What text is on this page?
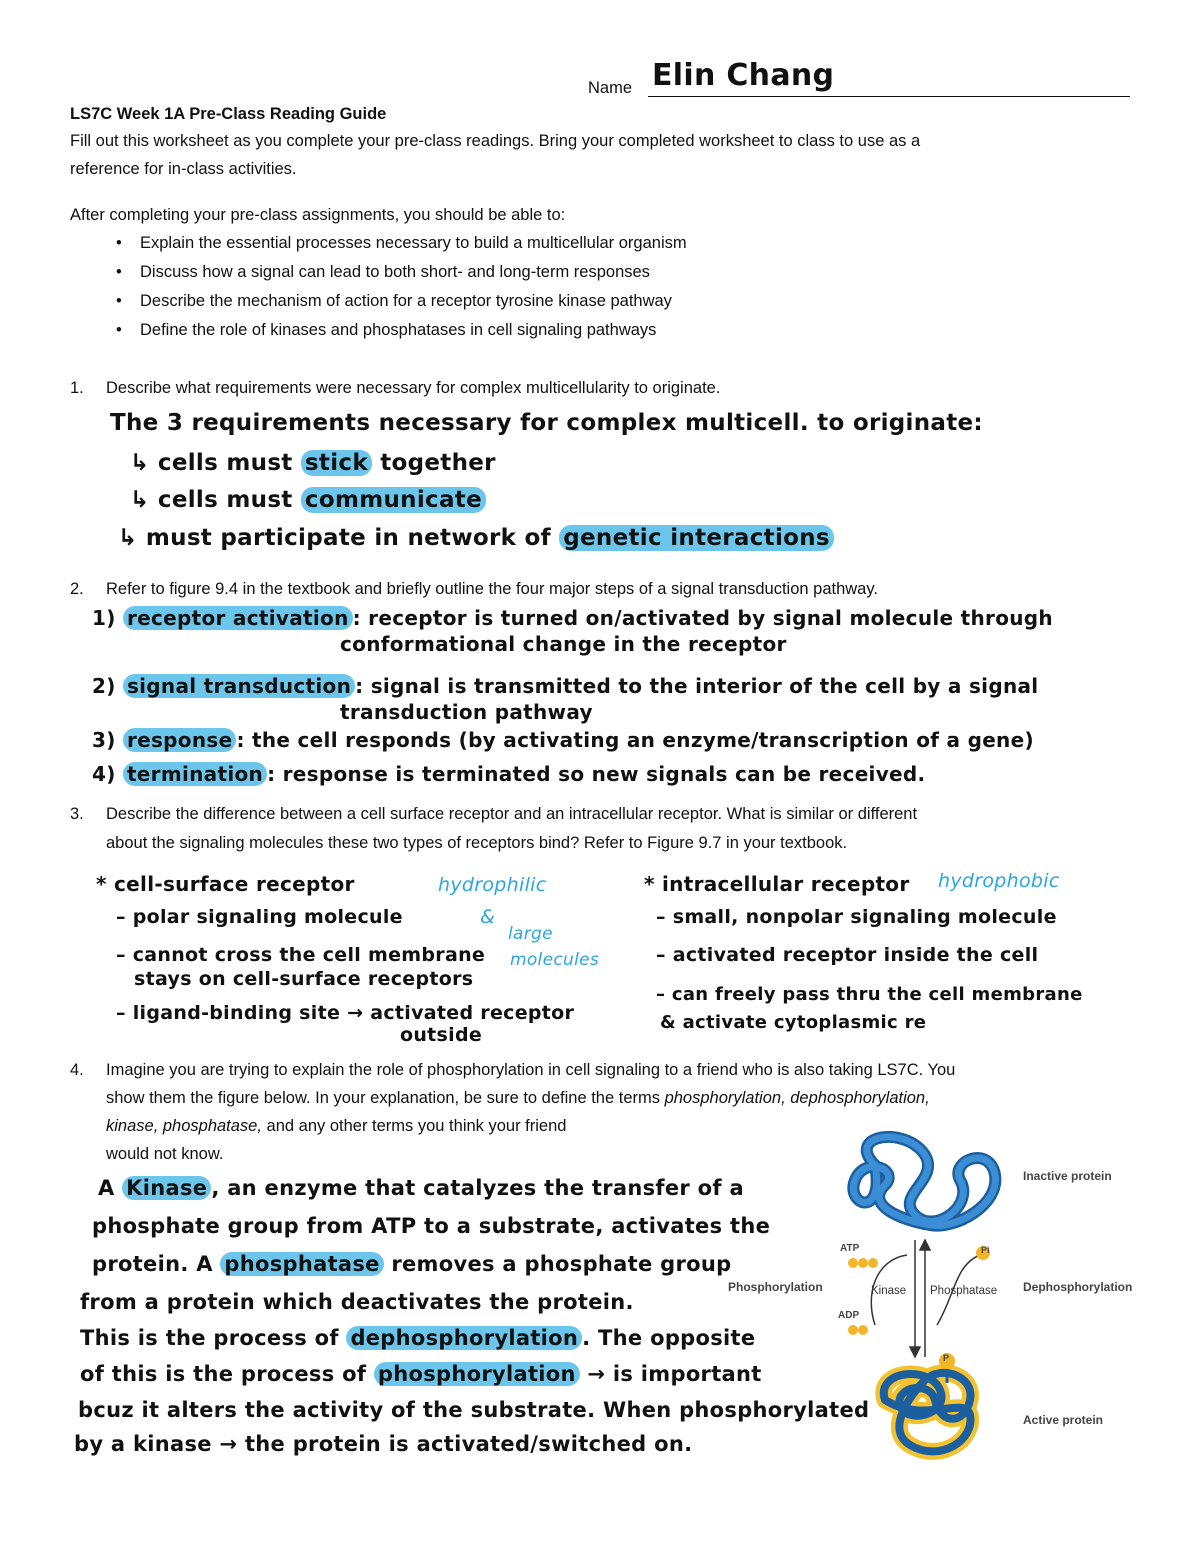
Name Elin Chang
LS7C Week 1A Pre-Class Reading Guide
Fill out this worksheet as you complete your pre-class readings. Bring your completed worksheet to class to use as a
reference for in-class activities.
After completing your pre-class assignments, you should be able to:
• Explain the essential processes necessary to build a multicellular organism
• Discuss how a signal can lead to both short- and long-term responses
• Describe the mechanism of action for a receptor tyrosine kinase pathway
• Define the role of kinases and phosphatases in cell signaling pathways
1. Describe what requirements were necessary for complex multicellularity to originate.
The 3 requirements necessary for complex multicell. to originate:
↳ cells must stick together
↳ cells must communicate
↳ must participate in network of genetic interactions
2. Refer to figure 9.4 in the textbook and briefly outline the four major steps of a signal transduction pathway.
1) receptor activation : receptor is turned on/activated by signal molecule through
conformational change in the receptor
2) signal transduction : signal is transmitted to the interior of the cell by a signal
transduction pathway
3) response : the cell responds (by activating an enzyme/transcription of a gene)
4) termination : response is terminated so new signals can be received.
3. Describe the difference between a cell surface receptor and an intracellular receptor. What is similar or different
about the signaling molecules these two types of receptors bind? Refer to Figure 9.7 in your textbook.
* cell-surface receptor
– polar signaling molecule
– cannot cross the cell membrane
stays on cell-surface receptors
– ligand-binding site → activated receptor
outside
hydrophilic
&
large
molecules
* intracellular receptor hydrophobic
– small, nonpolar signaling molecule
– activated receptor inside the cell
– can freely pass thru the cell membrane
& activate cytoplasmic re
4. Imagine you are trying to explain the role of phosphorylation in cell signaling to a friend who is also taking LS7C. You
show them the figure below. In your explanation, be sure to define the terms phosphorylation, dephosphorylation,
kinase, phosphatase, and any other terms you think your friend
would not know.
A Kinase , an enzyme that catalyzes the transfer of a
phosphate group from ATP to a substrate, activates the
protein. A phosphatase removes a phosphate group
from a protein which deactivates the protein.
This is the process of dephosphorylation . The opposite
of this is the process of phosphorylation → is important
bcuz it alters the activity of the substrate. When phosphorylated
by a kinase → the protein is activated/switched on.
Inactive protein
Active protein
Phosphorylation	Dephosphorylation
Kinase Phosphatase
ATP
ADP
Pi
P
